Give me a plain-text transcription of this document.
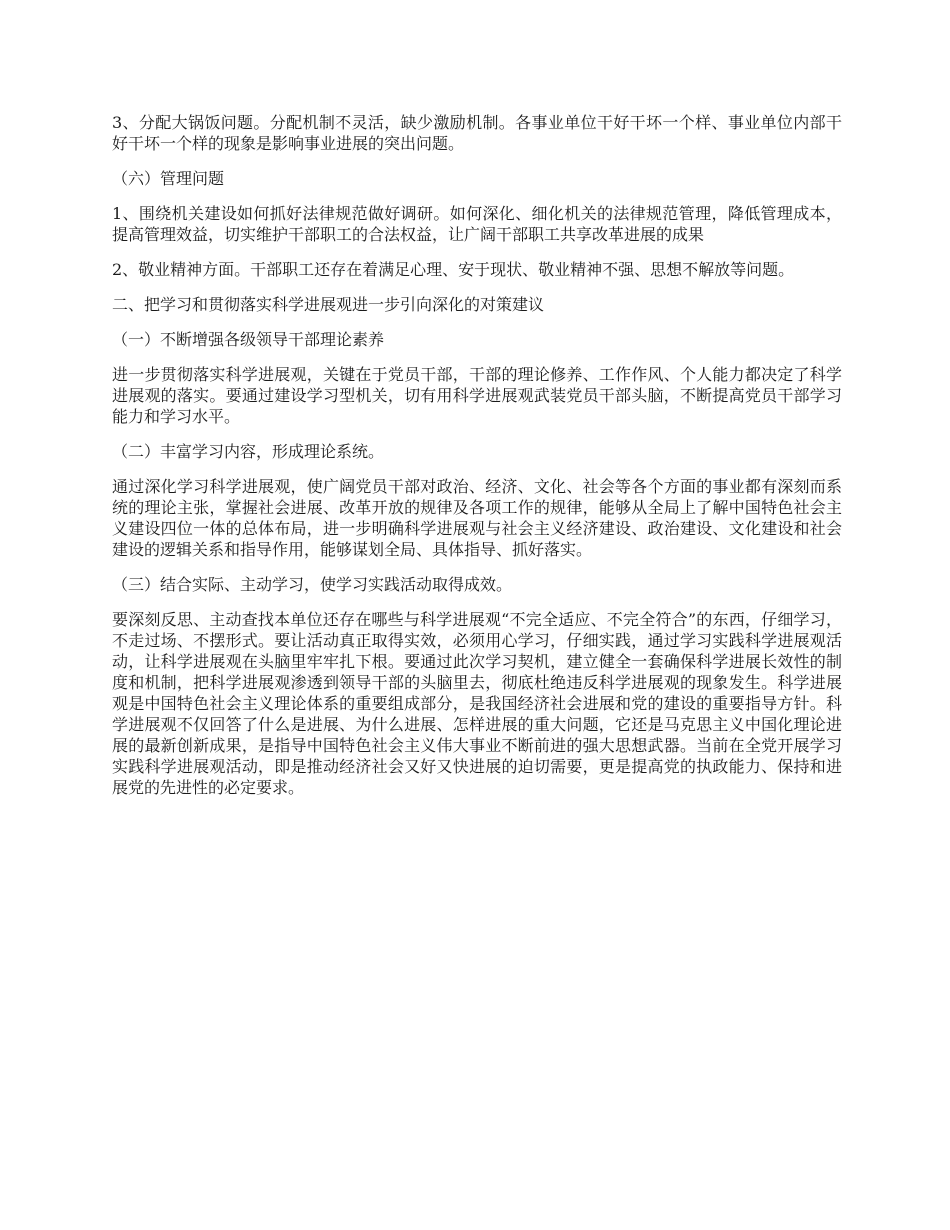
3、分配大锅饭问题。分配机制不灵活，缺少激励机制。各事业单位干好干坏一个样、事业单位内部干好干坏一个样的现象是影响事业进展的突出问题。

（六）管理问题

1、围绕机关建设如何抓好法律规范做好调研。如何深化、细化机关的法律规范管理，降低管理成本，提高管理效益，切实维护干部职工的合法权益，让广阔干部职工共享改革进展的成果

2、敬业精神方面。干部职工还存在着满足心理、安于现状、敬业精神不强、思想不解放等问题。

二、把学习和贯彻落实科学进展观进一步引向深化的对策建议

（一）不断增强各级领导干部理论素养

进一步贯彻落实科学进展观，关键在于党员干部，干部的理论修养、工作作风、个人能力都决定了科学进展观的落实。要通过建设学习型机关，切有用科学进展观武装党员干部头脑，不断提高党员干部学习能力和学习水平。

（二）丰富学习内容，形成理论系统。

通过深化学习科学进展观，使广阔党员干部对政治、经济、文化、社会等各个方面的事业都有深刻而系统的理论主张，掌握社会进展、改革开放的规律及各项工作的规律，能够从全局上了解中国特色社会主义建设四位一体的总体布局，进一步明确科学进展观与社会主义经济建设、政治建设、文化建设和社会建设的逻辑关系和指导作用，能够谋划全局、具体指导、抓好落实。

（三）结合实际、主动学习，使学习实践活动取得成效。

要深刻反思、主动查找本单位还存在哪些与科学进展观“不完全适应、不完全符合”的东西，仔细学习，不走过场、不摆形式。要让活动真正取得实效，必须用心学习，仔细实践，通过学习实践科学进展观活动，让科学进展观在头脑里牢牢扎下根。要通过此次学习契机，建立健全一套确保科学进展长效性的制度和机制，把科学进展观渗透到领导干部的头脑里去，彻底杜绝违反科学进展观的现象发生。科学进展观是中国特色社会主义理论体系的重要组成部分，是我国经济社会进展和党的建设的重要指导方针。科学进展观不仅回答了什么是进展、为什么进展、怎样进展的重大问题，它还是马克思主义中国化理论进展的最新创新成果，是指导中国特色社会主义伟大事业不断前进的强大思想武器。当前在全党开展学习实践科学进展观活动，即是推动经济社会又好又快进展的迫切需要，更是提高党的执政能力、保持和进展党的先进性的必定要求。
